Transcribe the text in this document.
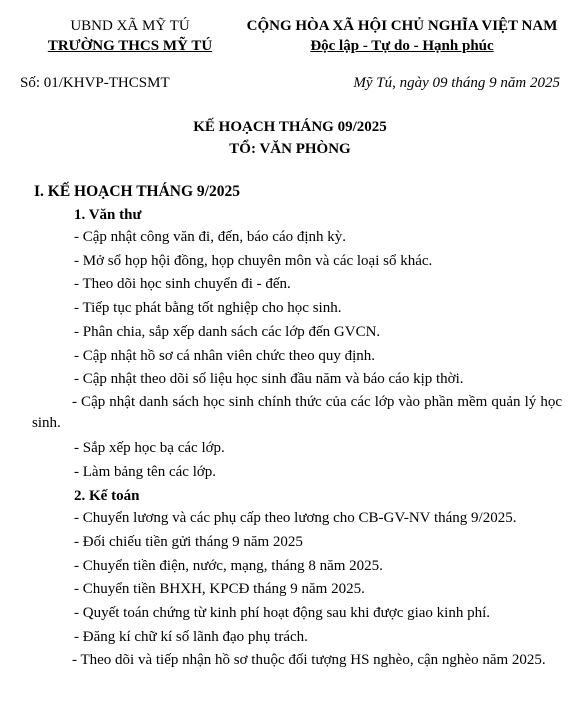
UBND XÃ MỸ TÚ
TRƯỜNG THCS MỸ TÚ
CỘNG HÒA XÃ HỘI CHỦ NGHĨA VIỆT NAM
Độc lập - Tự do - Hạnh phúc
Số: 01/KHVP-THCSMT	Mỹ Tú, ngày 09 tháng 9 năm 2025
KẾ HOẠCH THÁNG 09/2025
TỔ: VĂN PHÒNG

I. KẾ HOẠCH THÁNG 9/2025

1. Văn thư

- Cập nhật công văn đi, đến, báo cáo định kỳ.

- Mở sổ họp hội đồng, họp chuyên môn và các loại sổ khác.

- Theo dõi học sinh chuyển đi - đến.

- Tiếp tục phát bằng tốt nghiệp cho học sinh.

- Phân chia, sắp xếp danh sách các lớp đến GVCN.

- Cập nhật hồ sơ cá nhân viên chức theo quy định.

- Cập nhật theo dõi số liệu học sinh đầu năm và báo cáo kịp thời.

- Cập nhật danh sách học sinh chính thức của các lớp vào phần mềm quản lý học sinh.

- Sắp xếp học bạ các lớp.

- Làm bảng tên các lớp.

2. Kế toán

- Chuyển lương và các phụ cấp theo lương cho CB-GV-NV tháng 9/2025.

- Đối chiếu tiền gửi tháng 9 năm 2025

- Chuyển tiền điện, nước, mạng, tháng 8 năm 2025.

- Chuyển tiền BHXH, KPCĐ tháng 9 năm 2025.

- Quyết toán chứng từ kinh phí hoạt động sau khi được giao kinh phí.

- Đăng kí chữ kí số lãnh đạo phụ trách.

- Theo dõi và tiếp nhận hồ sơ thuộc đối tượng HS nghèo, cận nghèo năm 2025.
